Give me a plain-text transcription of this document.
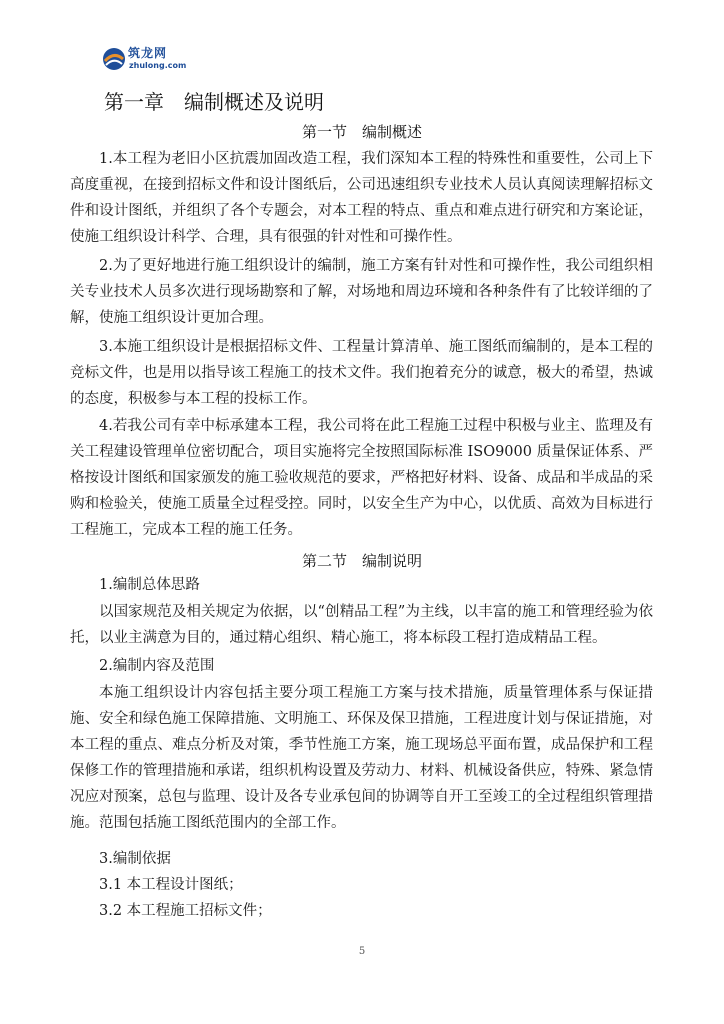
筑龙网
zhulong.com
第一章　编制概述及说明
第一节　编制概述

1.本工程为老旧小区抗震加固改造工程，我们深知本工程的特殊性和重要性，公司上下高度重视，在接到招标文件和设计图纸后，公司迅速组织专业技术人员认真阅读理解招标文件和设计图纸，并组织了各个专题会，对本工程的特点、重点和难点进行研究和方案论证，使施工组织设计科学、合理，具有很强的针对性和可操作性。

2.为了更好地进行施工组织设计的编制，施工方案有针对性和可操作性，我公司组织相关专业技术人员多次进行现场勘察和了解，对场地和周边环境和各种条件有了比较详细的了解，使施工组织设计更加合理。

3.本施工组织设计是根据招标文件、工程量计算清单、施工图纸而编制的，是本工程的竞标文件，也是用以指导该工程施工的技术文件。我们抱着充分的诚意，极大的希望，热诚的态度，积极参与本工程的投标工作。

4.若我公司有幸中标承建本工程，我公司将在此工程施工过程中积极与业主、监理及有关工程建设管理单位密切配合，项目实施将完全按照国际标准 ISO9000 质量保证体系、严格按设计图纸和国家颁发的施工验收规范的要求，严格把好材料、设备、成品和半成品的采购和检验关，使施工质量全过程受控。同时，以安全生产为中心，以优质、高效为目标进行工程施工，完成本工程的施工任务。

第二节　编制说明

1.编制总体思路

以国家规范及相关规定为依据，以“创精品工程”为主线，以丰富的施工和管理经验为依托，以业主满意为目的，通过精心组织、精心施工，将本标段工程打造成精品工程。

2.编制内容及范围

本施工组织设计内容包括主要分项工程施工方案与技术措施，质量管理体系与保证措施、安全和绿色施工保障措施、文明施工、环保及保卫措施，工程进度计划与保证措施，对本工程的重点、难点分析及对策，季节性施工方案，施工现场总平面布置，成品保护和工程保修工作的管理措施和承诺，组织机构设置及劳动力、材料、机械设备供应，特殊、紧急情况应对预案，总包与监理、设计及各专业承包间的协调等自开工至竣工的全过程组织管理措施。范围包括施工图纸范围内的全部工作。

3.编制依据

3.1 本工程设计图纸；

3.2 本工程施工招标文件；

5
